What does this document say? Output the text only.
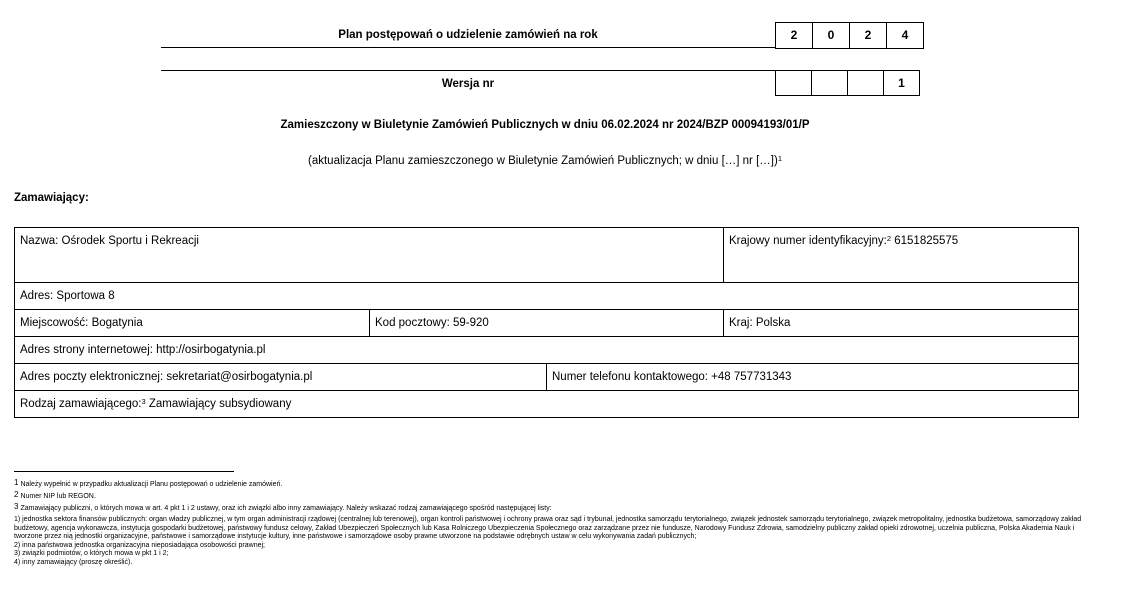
Plan postępowań o udzielenie zamówień na rok	2	0	2	4
Wersja nr	1
Zamieszczony w Biuletynie Zamówień Publicznych w dniu 06.02.2024 nr 2024/BZP 00094193/01/P
(aktualizacja Planu zamieszczonego w Biuletynie Zamówień Publicznych; w dniu […] nr […])$^1$
Zamawiający:
Nazwa: Ośrodek Sportu i Rekreacji	Krajowy numer identyfikacyjny:$^2$ 6151825575
Adres: Sportowa 8
Miejscowość: Bogatynia	Kod pocztowy: 59-920	Kraj: Polska
Adres strony internetowej: http://osirbogatynia.pl
Adres poczty elektronicznej: sekretariat@osirbogatynia.pl	Numer telefonu kontaktowego: +48 757731343
Rodzaj zamawiającego:$^3$ Zamawiający subsydiowany
1 Należy wypełnić w przypadku aktualizacji Planu postępowań o udzielenie zamówień.
2 Numer NIP lub REGON.
3 Zamawiający publiczni, o których mowa w art. 4 pkt 1 i 2 ustawy, oraz ich związki albo inny zamawiający. Należy wskazać rodzaj zamawiającego spośród następującej listy:
1) jednostka sektora finansów publicznych: organ władzy publicznej, w tym organ administracji rządowej (centralnej lub terenowej), organ kontroli państwowej i ochrony prawa oraz sąd i trybunał, jednostka samorządu terytorialnego, związek jednostek samorządu terytorialnego, związek metropolitalny, jednostka budżetowa, samorządowy zakład budżetowy, agencja wykonawcza, instytucja gospodarki budżetowej, państwowy fundusz celowy, Zakład Ubezpieczeń Społecznych lub Kasa Rolniczego Ubezpieczenia Społecznego oraz zarządzane przez nie fundusze, Narodowy Fundusz Zdrowia, samodzielny publiczny zakład opieki zdrowotnej, uczelnia publiczna, Polska Akademia Nauk i tworzone przez nią jednostki organizacyjne, państwowe i samorządowe instytucje kultury, inne państwowe i samorządowe osoby prawne utworzone na podstawie odrębnych ustaw w celu wykonywania zadań publicznych;
2) inna państwowa jednostka organizacyjna nieposiadająca osobowości prawnej;
3) związki podmiotów, o których mowa w pkt 1 i 2;
4) inny zamawiający (proszę określić).
